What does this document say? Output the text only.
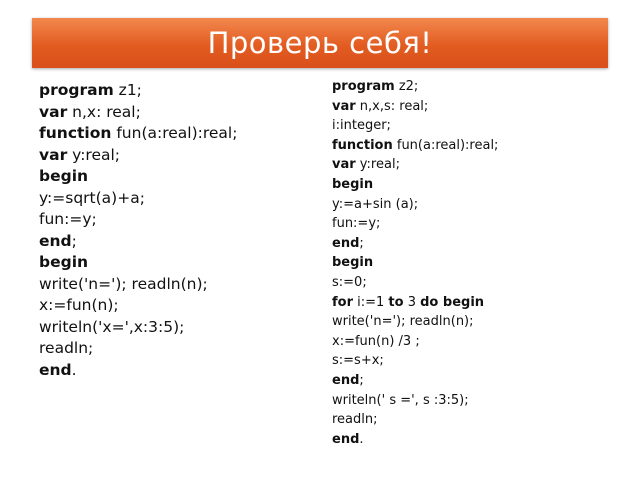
Проверь себя!
program z1;
var n,x: real;
function fun(a:real):real;
var y:real;
begin
y:=sqrt(a)+a;
fun:=y;
end;
begin
write('n='); readln(n);
x:=fun(n);
writeln('x=',x:3:5);
readln;
end.
program z2;
var n,x,s: real;
i:integer;
function fun(a:real):real;
var y:real;
begin
y:=a+sin (a);
fun:=y;
end;
begin
s:=0;
for i:=1 to 3 do begin
write('n='); readln(n);
x:=fun(n) /3 ;
s:=s+x;
end;
writeln(' s =', s :3:5);
readln;
end.
